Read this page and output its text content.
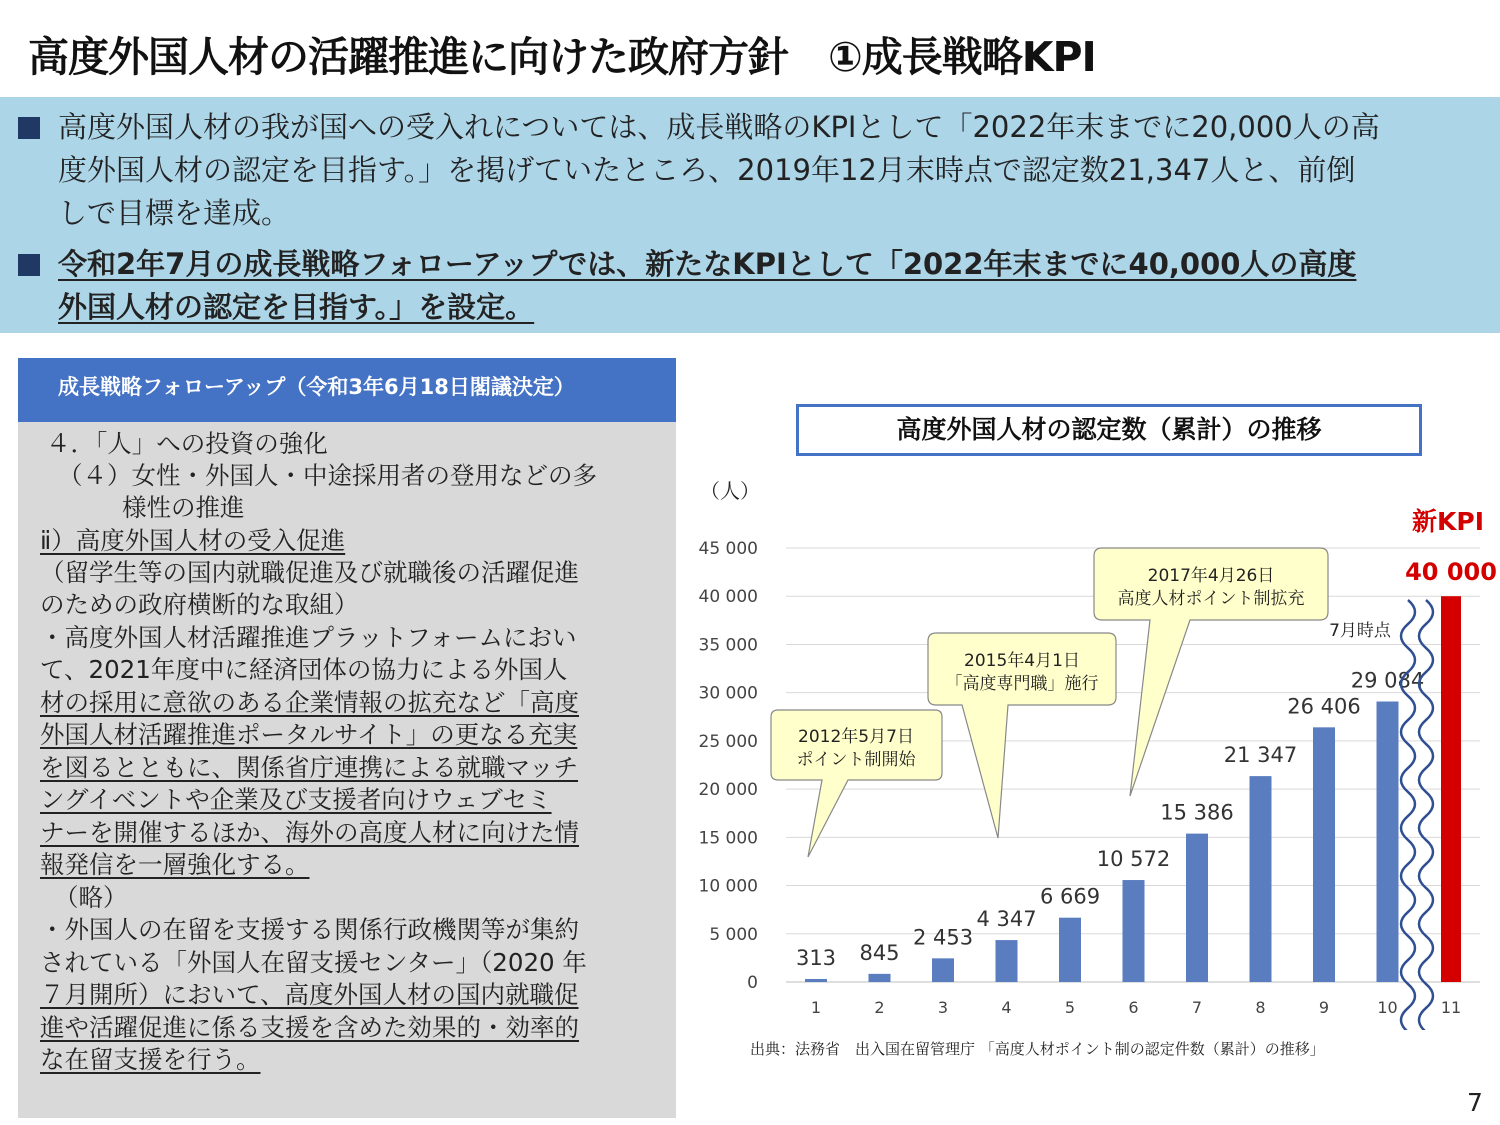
高度外国人材の活躍推進に向けた政府方針　①成長戦略KPI
高度外国人材の我が国への受入れについては、成長戦略のKPIとして「2022年末までに20,000人の高
度外国人材の認定を目指す。」を掲げていたところ、2019年12月末時点で認定数21,347人と、前倒
しで目標を達成。
令和2年7月の成長戦略フォローアップでは、新たなKPIとして「2022年末までに40,000人の高度
外国人材の認定を目指す。」を設定。
成長戦略フォローアップ（令和3年6月18日閣議決定）
４．「人」への投資の強化
（４）女性・外国人・中途採用者の登用などの多
様性の推進
ⅱ）高度外国人材の受入促進
（留学生等の国内就職促進及び就職後の活躍促進
のための政府横断的な取組）
・高度外国人材活躍推進プラットフォームにおい
て、2021年度中に経済団体の協力による外国人
材の採用に意欲のある企業情報の拡充など「高度
外国人材活躍推進ポータルサイト」の更なる充実
を図るとともに、関係省庁連携による就職マッチ
ングイベントや企業及び支援者向けウェブセミ
ナーを開催するほか、海外の高度人材に向けた情
報発信を一層強化する。
（略）
・外国人の在留を支援する関係行政機関等が集約
されている「外国人在留支援センター」（2020 年
７月開所）において、高度外国人材の国内就職促
進や活躍促進に係る支援を含めた効果的・効率的
な在留支援を行う。
高度外国人材の認定数（累計）の推移
（人）
0
5 000
10 000
15 000
20 000
25 000
30 000
35 000
40 000
45 000
1	2	3	4	5	6	7	8	9	10	11
2012年5月7日
ポイント制開始
2015年4月1日
「高度専門職」施行
2017年4月26日
高度人材ポイント制拡充
313 845
2 453
4 347
6 669
10 572
15 386
21 347
26 406
29 084
40 000
7月時点
新KPI
出典：法務省　出入国在留管理庁 「高度人材ポイント制の認定件数（累計）の推移」
7
